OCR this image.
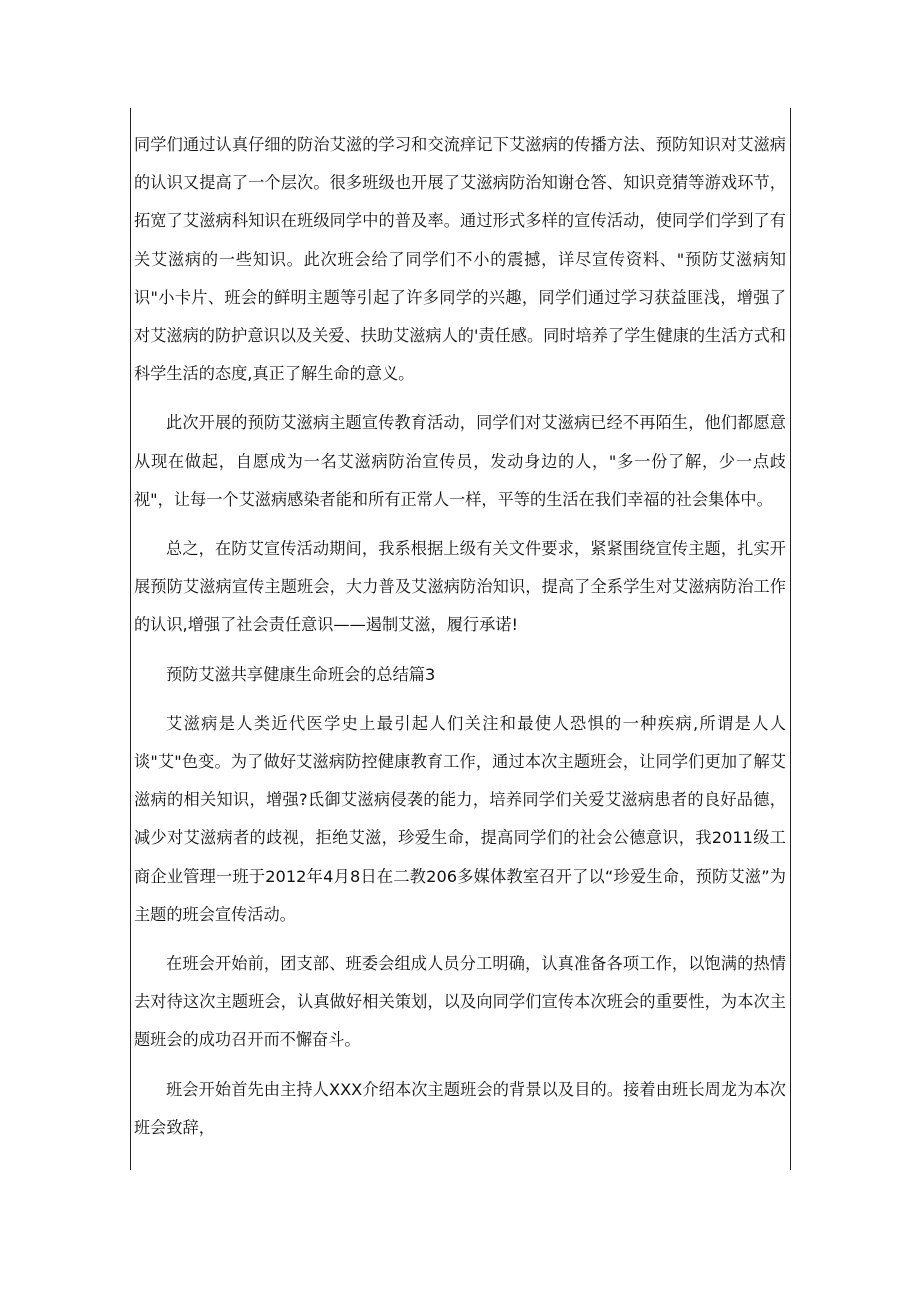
同学们通过认真仔细的防治艾滋的学习和交流痒记下艾滋病的传播方法、预防知识对艾滋病的认识又提高了一个层次。很多班级也开展了艾滋病防治知谢仓答、知识竞猜等游戏环节，拓宽了艾滋病科知识在班级同学中的普及率。通过形式多样的宣传活动，使同学们学到了有关艾滋病的一些知识。此次班会给了同学们不小的震撼，详尽宣传资料、"预防艾滋病知识"小卡片、班会的鲜明主题等引起了许多同学的兴趣，同学们通过学习获益匪浅，增强了对艾滋病的防护意识以及关爱、扶助艾滋病人的'责任感。同时培养了学生健康的生活方式和科学生活的态度,真正了解生命的意义。

此次开展的预防艾滋病主题宣传教育活动，同学们对艾滋病已经不再陌生，他们都愿意从现在做起，自愿成为一名艾滋病防治宣传员，发动身边的人，"多一份了解，少一点歧视"，让每一个艾滋病感染者能和所有正常人一样，平等的生活在我们幸福的社会集体中。

总之，在防艾宣传活动期间，我系根据上级有关文件要求，紧紧围绕宣传主题，扎实开展预防艾滋病宣传主题班会，大力普及艾滋病防治知识，提高了全系学生对艾滋病防治工作的认识,增强了社会责任意识——遏制艾滋，履行承诺!

预防艾滋共享健康生命班会的总结篇3

艾滋病是人类近代医学史上最引起人们关注和最使人恐惧的一种疾病,所谓是人人谈"艾"色变。为了做好艾滋病防控健康教育工作，通过本次主题班会，让同学们更加了解艾滋病的相关知识，增强?氐御艾滋病侵袭的能力，培养同学们关爱艾滋病患者的良好品德，减少对艾滋病者的歧视，拒绝艾滋，珍爱生命，提高同学们的社会公德意识，我2011级工商企业管理一班于2012年4月8日在二教206多媒体教室召开了以“珍爱生命，预防艾滋”为主题的班会宣传活动。

在班会开始前，团支部、班委会组成人员分工明确，认真准备各项工作，以饱满的热情去对待这次主题班会，认真做好相关策划，以及向同学们宣传本次班会的重要性，为本次主题班会的成功召开而不懈奋斗。

班会开始首先由主持人XXX介绍本次主题班会的背景以及目的。接着由班长周龙为本次班会致辞，
